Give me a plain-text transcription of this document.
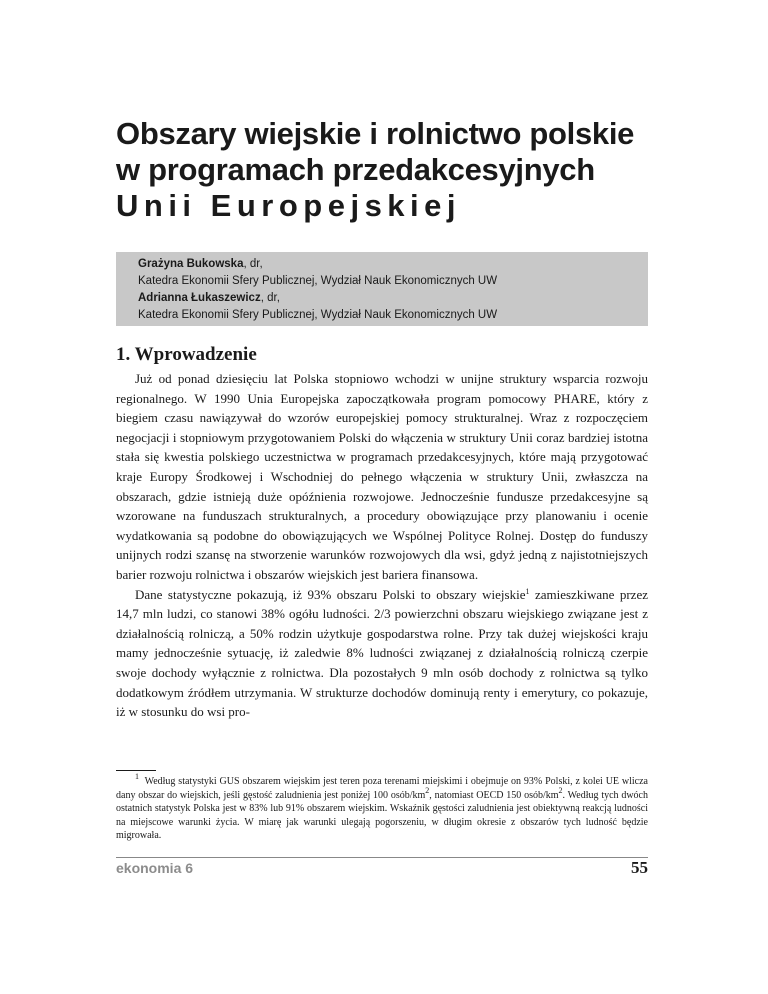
Obszary wiejskie i rolnictwo polskie
w programach przedakcesyjnych
Unii Europejskiej
Grażyna Bukowska, dr,
Katedra Ekonomii Sfery Publicznej, Wydział Nauk Ekonomicznych UW
Adrianna Łukaszewicz, dr,
Katedra Ekonomii Sfery Publicznej, Wydział Nauk Ekonomicznych UW
1. Wprowadzenie

Już od ponad dziesięciu lat Polska stopniowo wchodzi w unijne struktury wsparcia rozwoju regionalnego. W 1990 Unia Europejska zapoczątkowała program pomocowy PHARE, który z biegiem czasu nawiązywał do wzorów europejskiej pomocy strukturalnej. Wraz z rozpoczęciem negocjacji i stopniowym przygotowaniem Polski do włączenia w struktury Unii coraz bardziej istotna stała się kwestia polskiego uczestnictwa w programach przedakcesyjnych, które mają przygotować kraje Europy Środkowej i Wschodniej do pełnego włączenia w struktury Unii, zwłaszcza na obszarach, gdzie istnieją duże opóźnienia rozwojowe. Jednocześnie fundusze przedakcesyjne są wzorowane na funduszach strukturalnych, a procedury obowiązujące przy planowaniu i ocenie wydatkowania są podobne do obowiązujących we Wspólnej Polityce Rolnej. Dostęp do funduszy unijnych rodzi szansę na stworzenie warunków rozwojowych dla wsi, gdyż jedną z najistotniejszych barier rozwoju rolnictwa i obszarów wiejskich jest bariera finansowa.

Dane statystyczne pokazują, iż 93% obszaru Polski to obszary wiejskie$^1$ zamieszkiwane przez 14,7 mln ludzi, co stanowi 38% ogółu ludności. 2/3 powierzchni obszaru wiejskiego związane jest z działalnością rolniczą, a 50% rodzin użytkuje gospodarstwa rolne. Przy tak dużej wiejskości kraju mamy jednocześnie sytuację, iż zaledwie 8% ludności związanej z działalnością rolniczą czerpie swoje dochody wyłącznie z rolnictwa. Dla pozostałych 9 mln osób dochody z rolnictwa są tylko dodatkowym źródłem utrzymania. W strukturze dochodów dominują renty i emerytury, co pokazuje, iż w stosunku do wsi pro-

$^1$ Według statystyki GUS obszarem wiejskim jest teren poza terenami miejskimi i obejmuje on 93% Polski, z kolei UE wlicza dany obszar do wiejskich, jeśli gęstość zaludnienia jest poniżej 100 osób/$km^2$, natomiast OECD 150 osób/$km^2$. Według tych dwóch ostatnich statystyk Polska jest w 83% lub 91% obszarem wiejskim. Wskaźnik gęstości zaludnienia jest obiektywną reakcją ludności na miejscowe warunki życia. W miarę jak warunki ulegają pogorszeniu, w długim okresie z obszarów tych ludność będzie migrowała.
ekonomia 6	55
